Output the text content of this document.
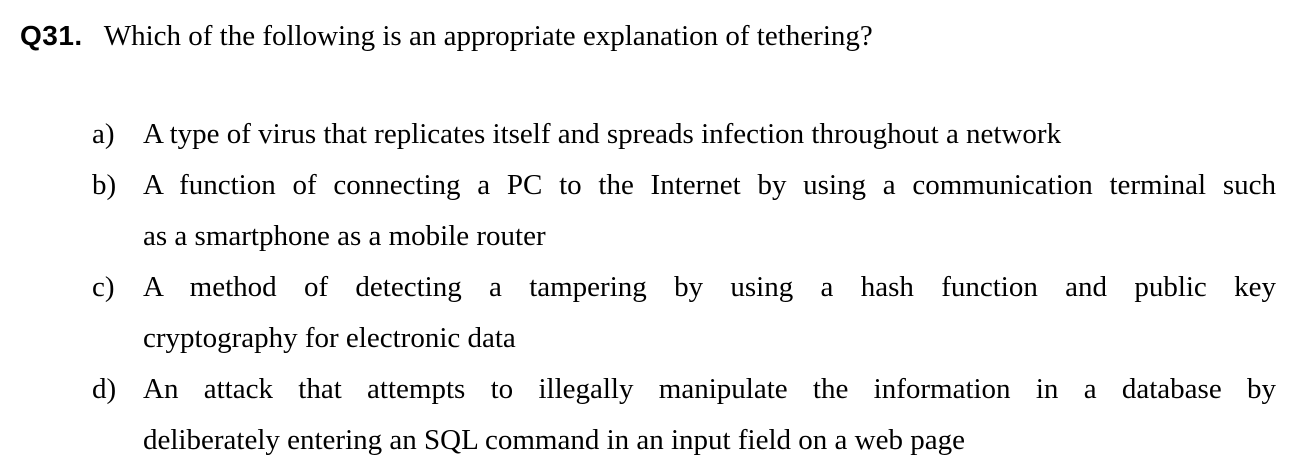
Q31. Which of the following is an appropriate explanation of tethering?
a) A type of virus that replicates itself and spreads infection throughout a network
b) A function of connecting a PC to the Internet by using a communication terminal such
as a smartphone as a mobile router
c) A method of detecting a tampering by using a hash function and public key
cryptography for electronic data
d) An attack that attempts to illegally manipulate the information in a database by
deliberately entering an SQL command in an input field on a web page
